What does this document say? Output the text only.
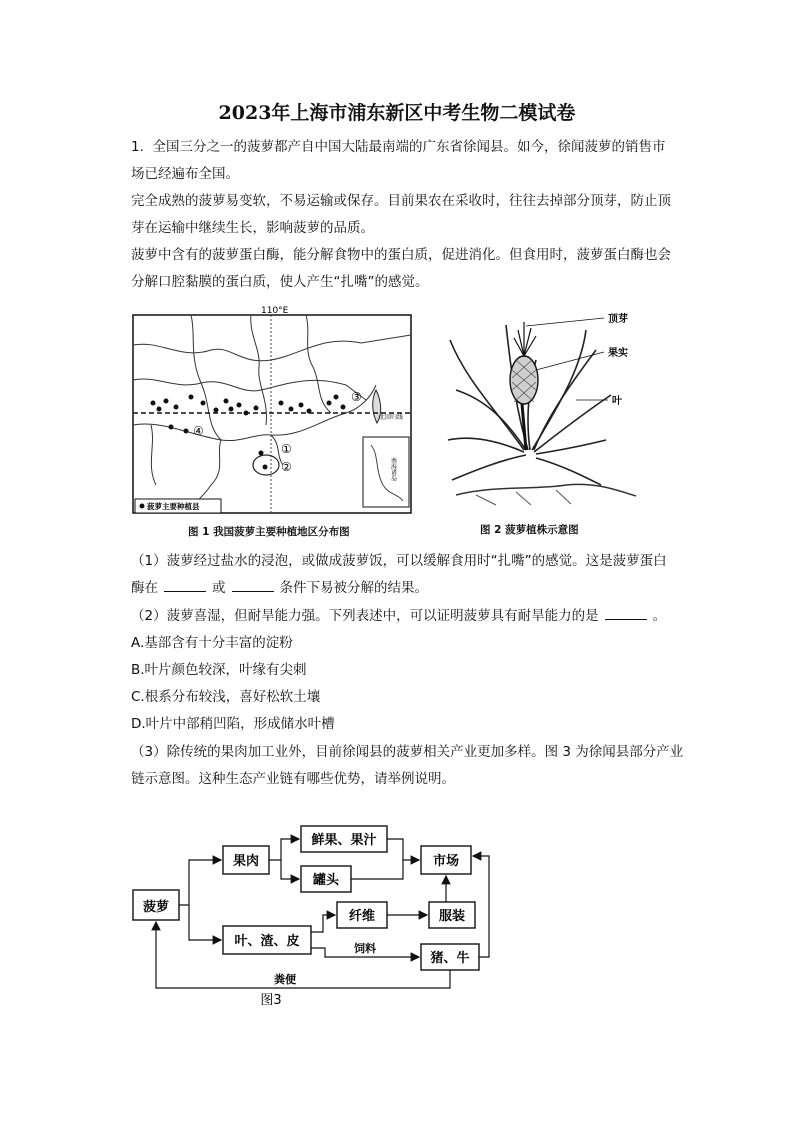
2023年上海市浦东新区中考生物二模试卷

1.  全国三分之一的菠萝都产自中国大陆最南端的广东省徐闻县。如今，徐闻菠萝的销售市

场已经遍布全国。

完全成熟的菠萝易变软，不易运输或保存。目前果农在采收时，往往去掉部分顶芽，防止顶

芽在运输中继续生长，影响菠萝的品质。

菠萝中含有的菠萝蛋白酶，能分解食物中的蛋白质，促进消化。但食用时，菠萝蛋白酶也会

分解口腔黏膜的蛋白质，使人产生“扎嘴”的感觉。

110°E
北回归线
菠萝主要种植县
南海诸岛
①
②
③
④
图 1 我国菠萝主要种植地区分布图
顶芽
果实
叶
图 2 菠萝植株示意图

（1）菠萝经过盐水的浸泡，或做成菠萝饭，可以缓解食用时“扎嘴”的感觉。这是菠萝蛋白

酶在	或	条件下易被分解的结果。

（2）菠萝喜湿，但耐旱能力强。下列表述中，可以证明菠萝具有耐旱能力的是	。

A.基部含有十分丰富的淀粉

B.叶片颜色较深，叶缘有尖刺

C.根系分布较浅，喜好松软土壤

D.叶片中部稍凹陷，形成储水叶槽

（3）除传统的果肉加工业外，目前徐闻县的菠萝相关产业更加多样。图 3 为徐闻县部分产业

链示意图。这种生态产业链有哪些优势，请举例说明。

菠萝
果肉
鲜果、果汁
罐头
市场
叶、渣、皮
纤维	服装
猪、牛
饲料
粪便
图3
